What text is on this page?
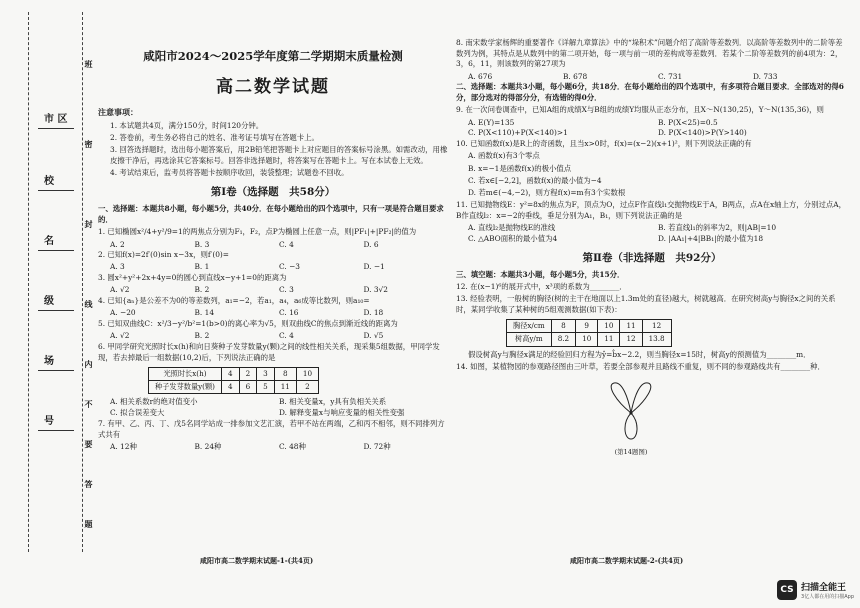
市 区
校
名
级
场
号
班
密
封
线
内
不
要
答
题
咸阳市2024～2025学年度第二学期期末质量检测
高二数学试题
注意事项：
1. 本试题共4页，满分150分，时间120分钟。
2. 答卷前，考生务必将自己的姓名、准考证号填写在答题卡上。
3. 回答选择题时，选出每小题答案后，用2B铅笔把答题卡上对应题目的答案标号涂黑。如需改动，用橡皮擦干净后，再选涂其它答案标号。回答非选择题时，将答案写在答题卡上。写在本试卷上无效。
4. 考试结束后，监考员将答题卡按顺序收回，装袋整理；试题卷不回收。
第Ⅰ卷（选择题　共58分）
一、选择题：本题共8小题，每小题5分，共40分．在每小题给出的四个选项中，只有一项是符合题目要求的．
1. 已知椭圆x²/4+y²/9=1的两焦点分别为F₁，F₂，点P为椭圆上任意一点，则|PF₁|+|PF₂|的值为
A. 2	B. 3	C. 4	D. 6
2. 已知f(x)=2f′(0)sin x−3x，则f′(0)=
A. 3	B. 1	C. −3	D. −1
3. 圆x²+y²+2x+4y=0的圆心到直线x−y+1=0的距离为
A. √2	B. 2	C. 3	D. 3√2
4. 已知{aₙ}是公差不为0的等差数列，a₁=−2，若a₁，a₄，a₆成等比数列，则a₁₀=
A. −20	B. 14	C. 16	D. 18
5. 已知双曲线C：x²/3−y²/b²=1(b>0)的离心率为√5，则双曲线C的焦点到渐近线的距离为
A. √2	B. 2	C. 4	D. √5
6. 甲同学研究光照时长x(h)和向日葵种子发芽数量y(颗)之间的线性相关关系，现采集5组数据，甲同学发现，若去掉最后一组数据(10,2)后，下列说法正确的是
光照时长x(h)	4	2	3	8	10
种子发芽数量y(颗)	4	6	5	11	2
A. 相关系数r的绝对值变小	B. 相关变量x，y具有负相关关系
C. 拟合误差变大	D. 解释变量x与响应变量的相关性变强
7. 有甲、乙、丙、丁、戊5名同学站成一排参加文艺汇演，若甲不站在两端，乙和丙不相邻，则不同排列方式共有
A. 12种	B. 24种	C. 48种	D. 72种
8. 南宋数学家杨辉的重要著作《详解九章算法》中的“垛积术”问题介绍了高阶等差数列．以高阶等差数列中的二阶等差数列为例，其特点是从数列中的第二项开始，每一项与前一项的差构成等差数列．若某个二阶等差数列的前4项为：2，3，6，11，则该数列的第27项为
A. 676	B. 678	C. 731	D. 733
二、选择题：本题共3小题，每小题6分，共18分．在每小题给出的四个选项中，有多项符合题目要求．全部选对的得6分，部分选对的得部分分，有选错的得0分．
9. 在一次问卷调查中，已知A组的成绩X与B组的成绩Y均服从正态分布，且X～N(130,25)，Y～N(135,36)，则
A. E(Y)=135	B. P(X<25)=0.5
C. P(X<110)+P(X<140)>1	D. P(X<140)>P(Y>140)
10. 已知函数f(x)是R上的奇函数，且当x>0时，f(x)=(x−2)(x+1)²，则下列说法正确的有
A. 函数f(x)有3个零点
B. x=−1是函数f(x)的极小值点
C. 若x∈[−2,2]，函数f(x)的最小值为−4
D. 若m∈(−4,−2)，则方程f(x)=m有3个实数根
11. 已知抛物线E：y²=8x的焦点为F，顶点为O，过点F作直线l₁交抛物线E于A，B两点，点A在x轴上方，分别过点A，B作直线l₂：x=−2的垂线，垂足分别为A₁，B₁，则下列说法正确的是
A. 直线l₂是抛物线E的准线	B. 若直线l₁的斜率为2，则|AB|=10
C. △ABO面积的最小值为4	D. |AA₁|+4|BB₁|的最小值为18
第Ⅱ卷（非选择题　共92分）
三、填空题：本题共3小题，每小题5分，共15分．
12. 在(x−1)⁶的展开式中，x³项的系数为________．
13. 经验表明，一般树的胸径(树的主干在地面以上1.3m处的直径)越大，树就越高．在研究树高y与胸径x之间的关系时，某同学收集了某种树的5组观测数据(如下表)：
胸径x/cm	8	9	10	11	12
树高y/m	8.2	10	11	12	13.8
假设树高y与胸径x满足的经验回归方程为ŷ=b̂x−2.2，则当胸径x=15时，树高y的预测值为________m．
14. 如图，某植物园的参观路径图由三叶草，若要全部参观并且路线不重复，则不同的参观路线共有________种．
(第14题图)
咸阳市高二数学期末试题-1-(共4页)	咸阳市高二数学期末试题-2-(共4页)
CS 扫描全能王
3亿人都在用的扫描App
